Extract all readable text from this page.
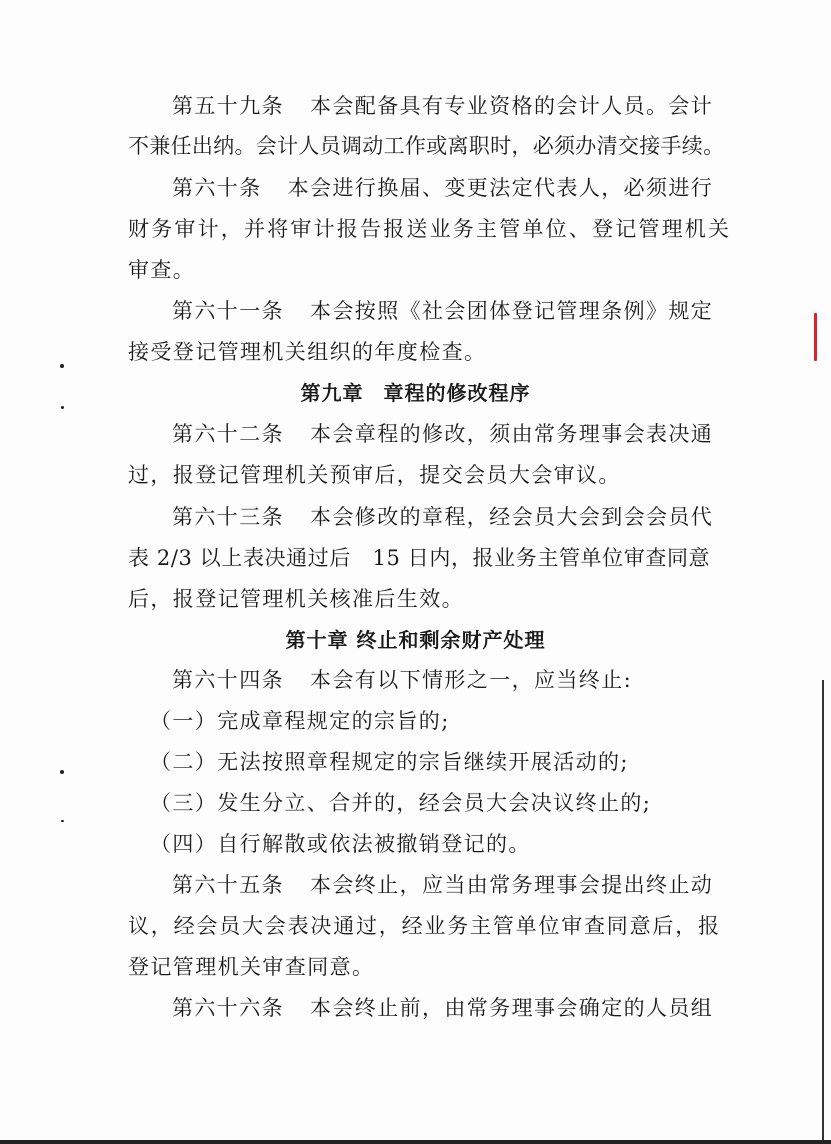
第五十九条 本会配备具有专业资格的会计人员。会计
不兼任出纳。会计人员调动工作或离职时，必须办清交接手续。
第六十条 本会进行换届、变更法定代表人，必须进行
财务审计，并将审计报告报送业务主管单位、登记管理机关
审查。
第六十一条 本会按照《社会团体登记管理条例》规定
接受登记管理机关组织的年度检查。
第九章 章程的修改程序
第六十二条 本会章程的修改，须由常务理事会表决通
过，报登记管理机关预审后，提交会员大会审议。
第六十三条 本会修改的章程，经会员大会到会会员代
表 2/3 以上表决通过后　15 日内，报业务主管单位审查同意
后，报登记管理机关核准后生效。
第十章 终止和剩余财产处理
第六十四条 本会有以下情形之一，应当终止:
（一）完成章程规定的宗旨的;
（二）无法按照章程规定的宗旨继续开展活动的;
（三）发生分立、合并的，经会员大会决议终止的;
（四）自行解散或依法被撤销登记的。
第六十五条 本会终止，应当由常务理事会提出终止动
议，经会员大会表决通过，经业务主管单位审查同意后，报
登记管理机关审查同意。
第六十六条 本会终止前，由常务理事会确定的人员组
